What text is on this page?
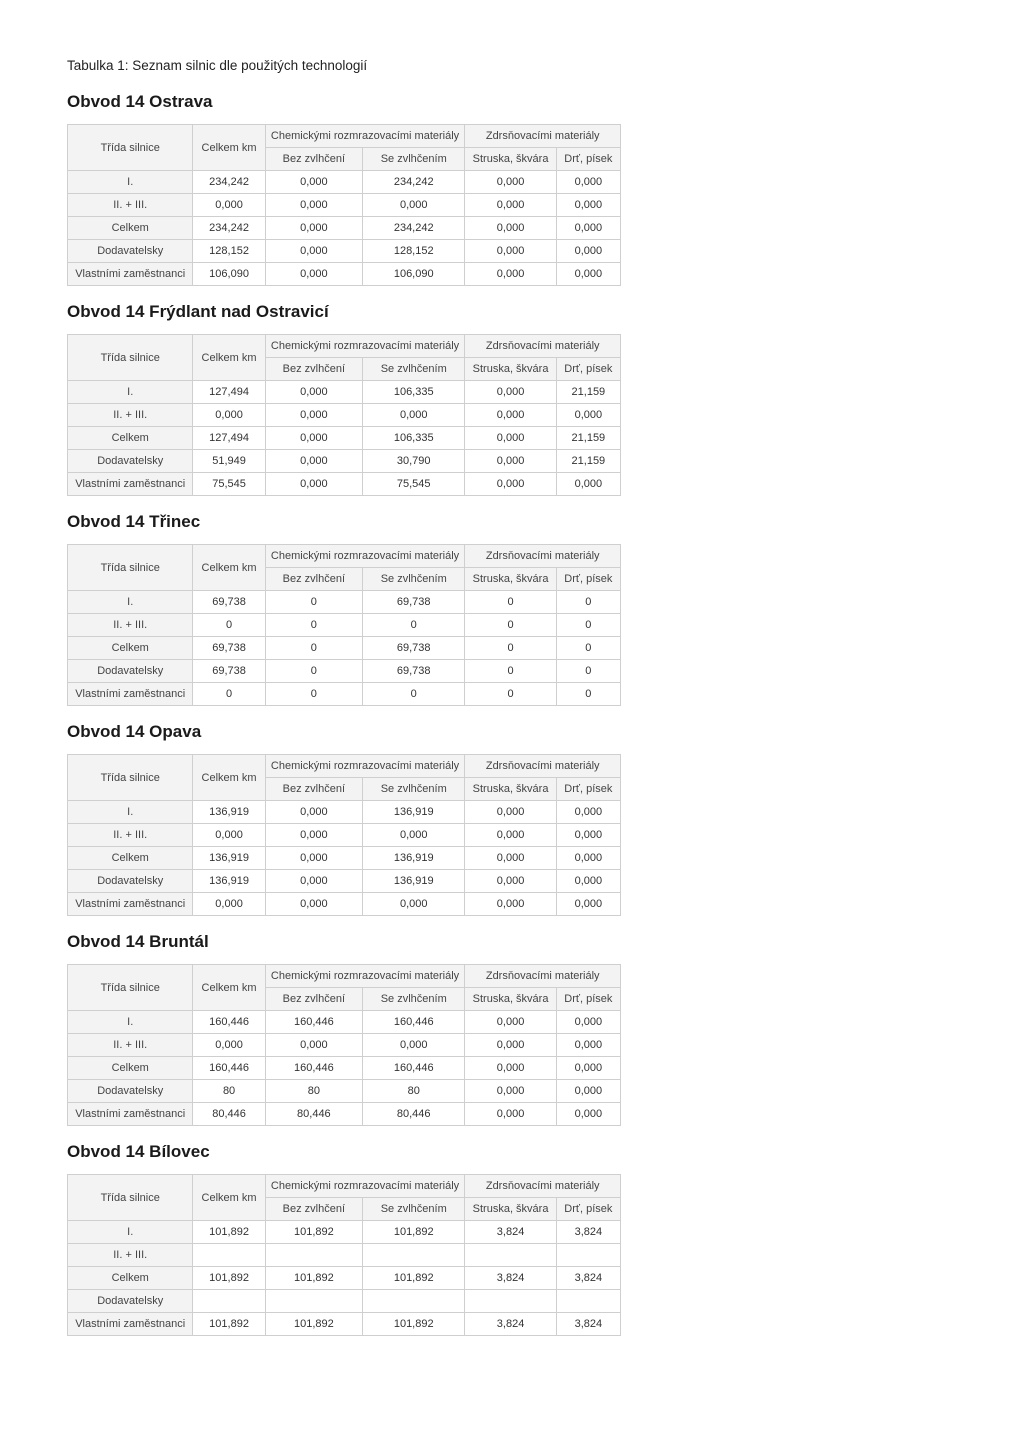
Tabulka 1: Seznam silnic dle použitých technologií
Obvod 14 Ostrava
Třída silnice	Celkem km	Chemickými rozmrazovacími materiály		Zdrsňovacími materiály	
		Bez zvlhčení	Se zvlhčením	Struska, škvára	Drť, písek
I.	234,242	0,000	234,242	0,000	0,000
II. + III.	0,000	0,000	0,000	0,000	0,000
Celkem	234,242	0,000	234,242	0,000	0,000
Dodavatelsky	128,152	0,000	128,152	0,000	0,000
Vlastními zaměstnanci	106,090	0,000	106,090	0,000	0,000
Obvod 14 Frýdlant nad Ostravicí
Třída silnice	Celkem km	Chemickými rozmrazovacími materiály		Zdrsňovacími materiály	
		Bez zvlhčení	Se zvlhčením	Struska, škvára	Drť, písek
I.	127,494	0,000	106,335	0,000	21,159
II. + III.	0,000	0,000	0,000	0,000	0,000
Celkem	127,494	0,000	106,335	0,000	21,159
Dodavatelsky	51,949	0,000	30,790	0,000	21,159
Vlastními zaměstnanci	75,545	0,000	75,545	0,000	0,000
Obvod 14 Třinec
Třída silnice	Celkem km	Chemickými rozmrazovacími materiály		Zdrsňovacími materiály	
		Bez zvlhčení	Se zvlhčením	Struska, škvára	Drť, písek
I.	69,738	0	69,738	0	0
II. + III.	0	0	0	0	0
Celkem	69,738	0	69,738	0	0
Dodavatelsky	69,738	0	69,738	0	0
Vlastními zaměstnanci	0	0	0	0	0
Obvod 14 Opava
Třída silnice	Celkem km	Chemickými rozmrazovacími materiály		Zdrsňovacími materiály	
		Bez zvlhčení	Se zvlhčením	Struska, škvára	Drť, písek
I.	136,919	0,000	136,919	0,000	0,000
II. + III.	0,000	0,000	0,000	0,000	0,000
Celkem	136,919	0,000	136,919	0,000	0,000
Dodavatelsky	136,919	0,000	136,919	0,000	0,000
Vlastními zaměstnanci	0,000	0,000	0,000	0,000	0,000
Obvod 14 Bruntál
Třída silnice	Celkem km	Chemickými rozmrazovacími materiály		Zdrsňovacími materiály	
		Bez zvlhčení	Se zvlhčením	Struska, škvára	Drť, písek
I.	160,446	160,446	160,446	0,000	0,000
II. + III.	0,000	0,000	0,000	0,000	0,000
Celkem	160,446	160,446	160,446	0,000	0,000
Dodavatelsky	80	80	80	0,000	0,000
Vlastními zaměstnanci	80,446	80,446	80,446	0,000	0,000
Obvod 14 Bílovec
Třída silnice	Celkem km	Chemickými rozmrazovacími materiály		Zdrsňovacími materiály	
		Bez zvlhčení	Se zvlhčením	Struska, škvára	Drť, písek
I.	101,892	101,892	101,892	3,824	3,824
II. + III.					
Celkem	101,892	101,892	101,892	3,824	3,824
Dodavatelsky					
Vlastními zaměstnanci	101,892	101,892	101,892	3,824	3,824
